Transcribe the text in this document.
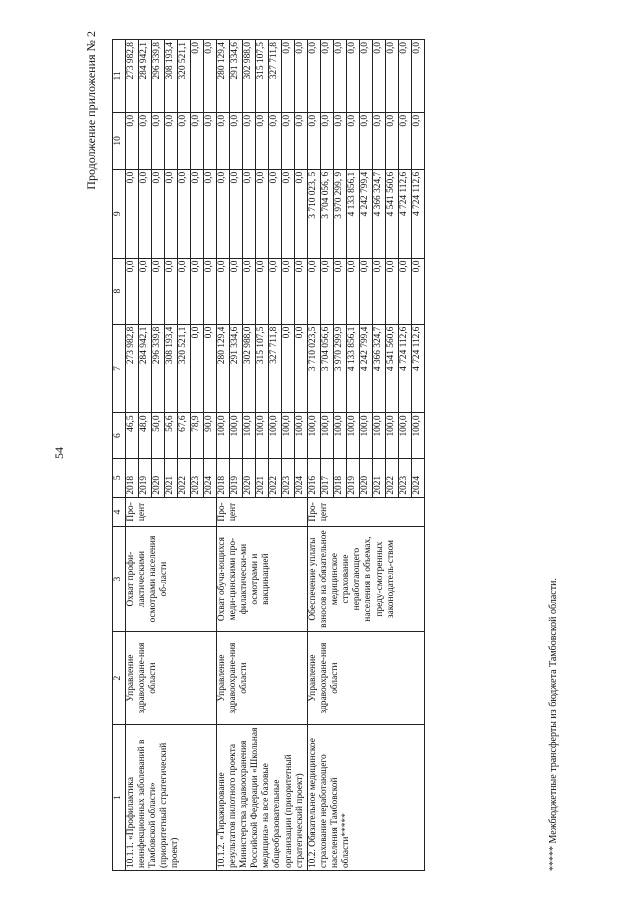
54
Продолжение приложения № 2
1	2	3	4	5	6	7	8	9	10	11
10.1.1. «Профилактика неинфекционных заболеваний в Тамбовской области» (приоритетный стратегический проект)	Управление здравоохране-ния области	Охват профи-лактическими осмотрами населения об-ласти	Про-цент	2018	46,5	273 982,8	0,0	0,0	0,0	273 982,8
				2019	48,0	284 942,1	0,0	0,0	0,0	284 942,1
				2020	50,0	296 339,8	0,0	0,0	0,0	296 339,8
				2021	56,6	308 193,4	0,0	0,0	0,0	308 193,4
				2022	67,6	320 521,1	0,0	0,0	0,0	320 521,1
				2023	78,9	0,0	0,0	0,0	0,0	0,0
				2024	90,0	0,0	0,0	0,0	0,0	0,0
10.1.2. «Тиражирование результатов пилотного проекта Министерства здравоохранения Российской Федерации «Школьная медицина» на все базовые общеобразовательные организации (приоритетный стратегический проект)	Управление здравоохране-ния области	Охват обуча-ющихся меди-цинскими про-филактически-ми осмотрами и вакцинацией	Про-цент	2018	100,0	280 129,4	0,0	0,0	0,0	280 129,4
				2019	100,0	291 334,6	0,0	0,0	0,0	291 334,6
				2020	100,0	302 988,0	0,0	0,0	0,0	302 988,0
				2021	100,0	315 107,5	0,0	0,0	0,0	315 107,5
				2022	100,0	327 711,8	0,0	0,0	0,0	327 711,8
				2023	100,0	0,0	0,0	0,0	0,0	0,0
				2024	100,0	0,0	0,0	0,0	0,0	0,0
10.2. Обязательное медицинское страхование неработающего населения Тамбовской области*****	Управление здравоохране-ния области	Обеспечение уплаты взносов на обязательное медицинское страхование неработающего населения в объемах, преду-смотренных законодатель-ством	Про-цент	2016	100,0	3 710 023,5	0,0	3 710 023, 5	0,0	0,0
				2017	100,0	3 704 056,6	0,0	3 704 056, 6	0,0	0,0
				2018	100,0	3 970 299,9	0,0	3 970 299, 9	0,0	0,0
				2019	100,0	4 133 856,1	0,0	4 133 856,1	0,0	0,0
				2020	100,0	4 242 799,4	0,0	4 242 799,4	0,0	0,0
				2021	100,0	4 366 324,7	0,0	4 366 324,7	0,0	0,0
				2022	100,0	4 541 560,6	0,0	4 541 560,6	0,0	0,0
				2023	100,0	4 724 112,6	0,0	4 724 112,6	0,0	0,0
				2024	100,0	4 724 112,6	0,0	4 724 112,6	0,0	0,0
***** Межбюджетные трансферты из бюджета Тамбовской области.
